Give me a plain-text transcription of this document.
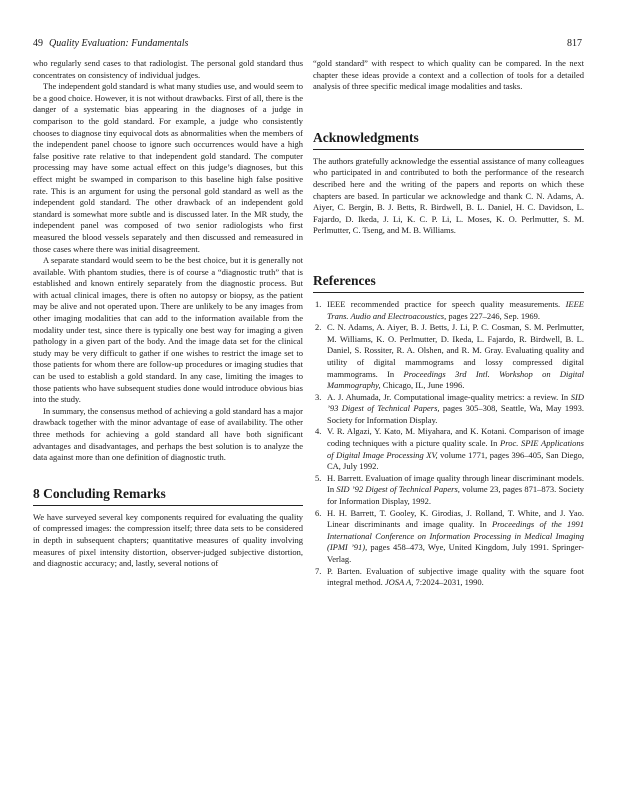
49 Quality Evaluation: Fundamentals	817

who regularly send cases to that radiologist. The personal gold standard thus concentrates on consistency of individual judges.

The independent gold standard is what many studies use, and would seem to be a good choice. However, it is not without drawbacks. First of all, there is the danger of a systematic bias appearing in the diagnoses of a judge in comparison to the gold standard. For example, a judge who consistently chooses to diagnose tiny equivocal dots as abnormalities when the members of the independent panel choose to ignore such occurrences would have a high false positive rate relative to that independent gold standard. The computer processing may have some actual effect on this judge’s diagnoses, but this effect might be swamped in comparison to this baseline high false positive rate. This is an argument for using the personal gold standard as well as the independent gold standard. The other drawback of an independent gold standard is somewhat more subtle and is discussed later. In the MR study, the independent panel was composed of two senior radiologists who first measured the blood vessels separately and then discussed and remeasured in those cases where there was initial disagreement.

A separate standard would seem to be the best choice, but it is generally not available. With phantom studies, there is of course a “diagnostic truth” that is established and known entirely separately from the diagnostic process. But with actual clinical images, there is often no autopsy or biopsy, as the patient may be alive and not operated upon. There are unlikely to be any images from other imaging modalities that can add to the information available from the modality under test, since there is typically one best way for imaging a given pathology in a given part of the body. And the image data set for the clinical study may be very difficult to gather if one wishes to restrict the image set to those patients for whom there are follow-up procedures or imaging studies that can be used to establish a gold standard. In any case, limiting the images to those patients who have subsequent studies done would introduce obvious bias into the study.

In summary, the consensus method of achieving a gold standard has a major drawback together with the minor advantage of ease of availability. The other three methods for achieving a gold standard all have both significant advantages and disadvantages, and perhaps the best solution is to analyze the data against more than one definition of diagnostic truth.

8 Concluding Remarks

We have surveyed several key components required for evaluating the quality of compressed images: the compression itself; three data sets to be considered in depth in subsequent chapters; quantitative measures of quality involving measures of pixel intensity distortion, observer-judged subjective distortion, and diagnostic accuracy; and, lastly, several notions of

“gold standard” with respect to which quality can be compared. In the next chapter these ideas provide a context and a collection of tools for a detailed analysis of three specific medical image modalities and tasks.

Acknowledgments

The authors gratefully acknowledge the essential assistance of many colleagues who participated in and contributed to both the performance of the research described here and the writing of the papers and reports on which these chapters are based. In particular we acknowledge and thank C. N. Adams, A. Aiyer, C. Bergin, B. J. Betts, R. Birdwell, B. L. Daniel, H. C. Davidson, L. Fajardo, D. Ikeda, J. Li, K. C. P. Li, L. Moses, K. O. Perlmutter, S. M. Perlmutter, C. Tseng, and M. B. Williams.

References
1. IEEE recommended practice for speech quality measurements. IEEE Trans. Audio and Electroacoustics, pages 227–246, Sep. 1969.
2. C. N. Adams, A. Aiyer, B. J. Betts, J. Li, P. C. Cosman, S. M. Perlmutter, M. Williams, K. O. Perlmutter, D. Ikeda, L. Fajardo, R. Birdwell, B. L. Daniel, S. Rossiter, R. A. Olshen, and R. M. Gray. Evaluating quality and utility of digital mammograms and lossy compressed digital mammograms. In Proceedings 3rd Intl. Workshop on Digital Mammography, Chicago, IL, June 1996.
3. A. J. Ahumada, Jr. Computational image-quality metrics: a review. In SID ’93 Digest of Technical Papers, pages 305–308, Seattle, Wa, May 1993. Society for Information Display.
4. V. R. Algazi, Y. Kato, M. Miyahara, and K. Kotani. Comparison of image coding techniques with a picture quality scale. In Proc. SPIE Applications of Digital Image Processing XV, volume 1771, pages 396–405, San Diego, CA, July 1992.
5. H. Barrett. Evaluation of image quality through linear discriminant models. In SID ’92 Digest of Technical Papers, volume 23, pages 871–873. Society for Information Display, 1992.
6. H. H. Barrett, T. Gooley, K. Girodias, J. Rolland, T. White, and J. Yao. Linear discriminants and image quality. In Proceedings of the 1991 International Conference on Information Processing in Medical Imaging (IPMI ’91), pages 458–473, Wye, United Kingdom, July 1991. Springer-Verlag.
7. P. Barten. Evaluation of subjective image quality with the square foot integral method. JOSA A, 7:2024–2031, 1990.
